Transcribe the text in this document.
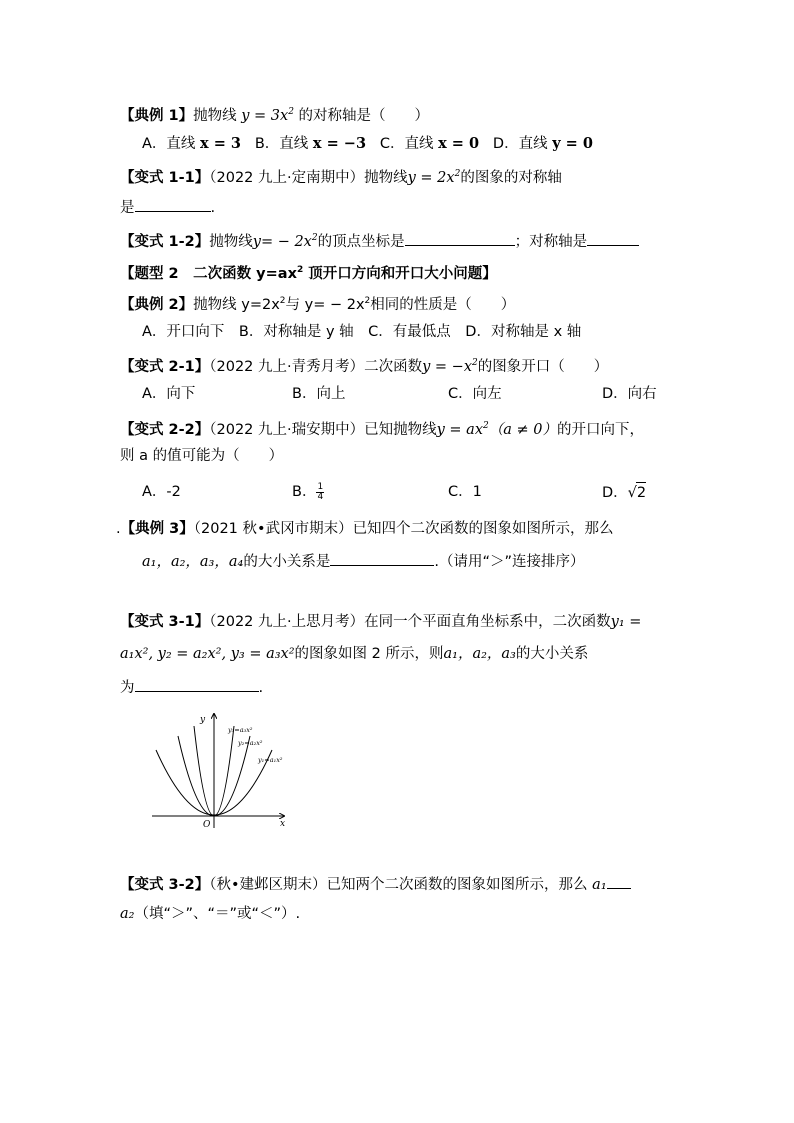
【典例 1】抛物线 $y = 3x^2$ 的对称轴是（　　）
A．直线 x = 3 B．直线 x = −3 C．直线 x = 0 D．直线 y = 0
【变式 1-1】（2022 九上·定南期中）抛物线$y = 2x^2$的图象的对称轴
是	.
【变式 1-2】抛物线$y= - 2x^2$的顶点坐标是	；对称轴是
【题型 2　二次函数 $y=ax^2$ 顶开口方向和开口大小问题】
【典例 2】抛物线 $y=2x^2$与 $y= - 2x^2$相同的性质是（　　）
A．开口向下　B．对称轴是 y 轴　C．有最低点　D．对称轴是 x 轴
【变式 2-1】（2022 九上·青秀月考）二次函数$y = -x^2$的图象开口（　　）
A．向下	B．向上	C．向左	D．向右
【变式 2-2】（2022 九上·瑞安期中）已知抛物线$y = ax^2(a \ne 0)$的开口向下，
则 a 的值可能为（　　）
A．-2	B． $\frac{1}{4}$	C．1	D．√2
.【典例 3】（2021 秋•武冈市期末）已知四个二次函数的图象如图所示，那么
a₁，a₂，a₃，a₄的大小关系是	.（请用“＞”连接排序）
【变式 3-1】（2022 九上·上思月考）在同一个平面直角坐标系中，二次函数y₁ =
a₁x², y₂ = a₂x², y₃ = a₃x²的图象如图 2 所示，则a₁，a₂，a₃的大小关系
为	.
y
x
O
y₃=a₃x²
y₂=a₂x²
y₁=a₁x²
【变式 3-2】（秋•建邺区期末）已知两个二次函数的图象如图所示，那么 a₁
a₂（填“＞”、“＝”或“＜”）.
